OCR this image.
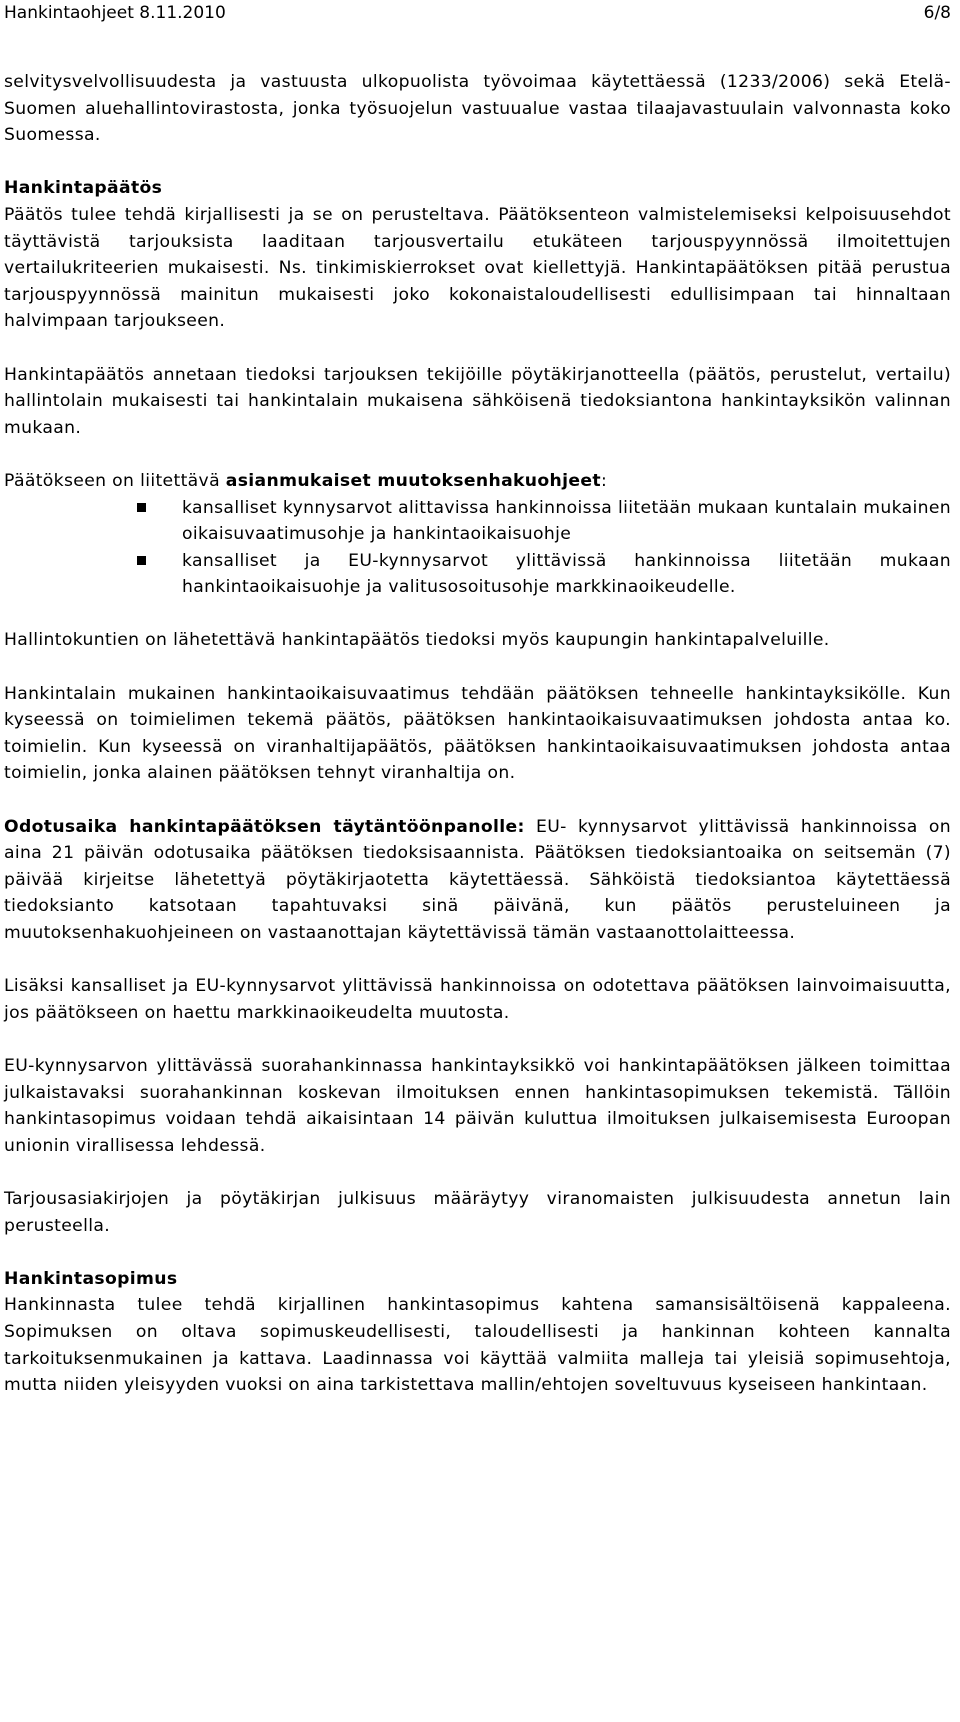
Hankintaohjeet 8.11.2010	6/8

selvitysvelvollisuudesta ja vastuusta ulkopuolista työvoimaa käytettäessä (1233/2006) sekä Etelä-Suomen aluehallintovirastosta, jonka työsuojelun vastuualue vastaa tilaajavastuulain valvonnasta koko Suomessa.

Hankintapäätös

Päätös tulee tehdä kirjallisesti ja se on perusteltava. Päätöksenteon valmistelemiseksi kelpoisuusehdot täyttävistä tarjouksista laaditaan tarjousvertailu etukäteen tarjouspyynnössä ilmoitettujen vertailukriteerien mukaisesti. Ns. tinkimiskierrokset ovat kiellettyjä. Hankintapäätöksen pitää perustua tarjouspyynnössä mainitun mukaisesti joko kokonaistaloudellisesti edullisimpaan tai hinnaltaan halvimpaan tarjoukseen.

Hankintapäätös annetaan tiedoksi tarjouksen tekijöille pöytäkirjanotteella (päätös, perustelut, vertailu) hallintolain mukaisesti tai hankintalain mukaisena sähköisenä tiedoksiantona hankintayksikön valinnan mukaan.

Päätökseen on liitettävä asianmukaiset muutoksenhakuohjeet:

kansalliset kynnysarvot alittavissa hankinnoissa liitetään mukaan kuntalain mukainen oikaisuvaatimusohje ja hankintaoikaisuohje
kansalliset ja EU-kynnysarvot ylittävissä hankinnoissa liitetään mukaan hankintaoikaisuohje ja valitusosoitusohje markkinaoikeudelle.

Hallintokuntien on lähetettävä hankintapäätös tiedoksi myös kaupungin hankintapalveluille.

Hankintalain mukainen hankintaoikaisuvaatimus tehdään päätöksen tehneelle hankintayksikölle. Kun kyseessä on toimielimen tekemä päätös, päätöksen hankintaoikaisuvaatimuksen johdosta antaa ko. toimielin. Kun kyseessä on viranhaltijapäätös, päätöksen hankintaoikaisuvaatimuksen johdosta antaa toimielin, jonka alainen päätöksen tehnyt viranhaltija on.

Odotusaika hankintapäätöksen täytäntöönpanolle: EU- kynnysarvot ylittävissä hankinnoissa on aina 21 päivän odotusaika päätöksen tiedoksisaannista. Päätöksen tiedoksiantoaika on seitsemän (7) päivää kirjeitse lähetettyä pöytäkirjaotetta käytettäessä. Sähköistä tiedoksiantoa käytettäessä tiedoksianto katsotaan tapahtuvaksi sinä päivänä, kun päätös perusteluineen ja muutoksenhakuohjeineen on vastaanottajan käytettävissä tämän vastaanottolaitteessa.

Lisäksi kansalliset ja EU-kynnysarvot ylittävissä hankinnoissa on odotettava päätöksen lainvoimaisuutta, jos päätökseen on haettu markkinaoikeudelta muutosta.

EU-kynnysarvon ylittävässä suorahankinnassa hankintayksikkö voi hankintapäätöksen jälkeen toimittaa julkaistavaksi suorahankinnan koskevan ilmoituksen ennen hankintasopimuksen tekemistä. Tällöin hankintasopimus voidaan tehdä aikaisintaan 14 päivän kuluttua ilmoituksen julkaisemisesta Euroopan unionin virallisessa lehdessä.

Tarjousasiakirjojen ja pöytäkirjan julkisuus määräytyy viranomaisten julkisuudesta annetun lain perusteella.

Hankintasopimus

Hankinnasta tulee tehdä kirjallinen hankintasopimus kahtena samansisältöisenä kappaleena. Sopimuksen on oltava sopimuskeudellisesti, taloudellisesti ja hankinnan kohteen kannalta tarkoituksenmukainen ja kattava. Laadinnassa voi käyttää valmiita malleja tai yleisiä sopimusehtoja, mutta niiden yleisyyden vuoksi on aina tarkistettava mallin/ehtojen soveltuvuus kyseiseen hankintaan.
